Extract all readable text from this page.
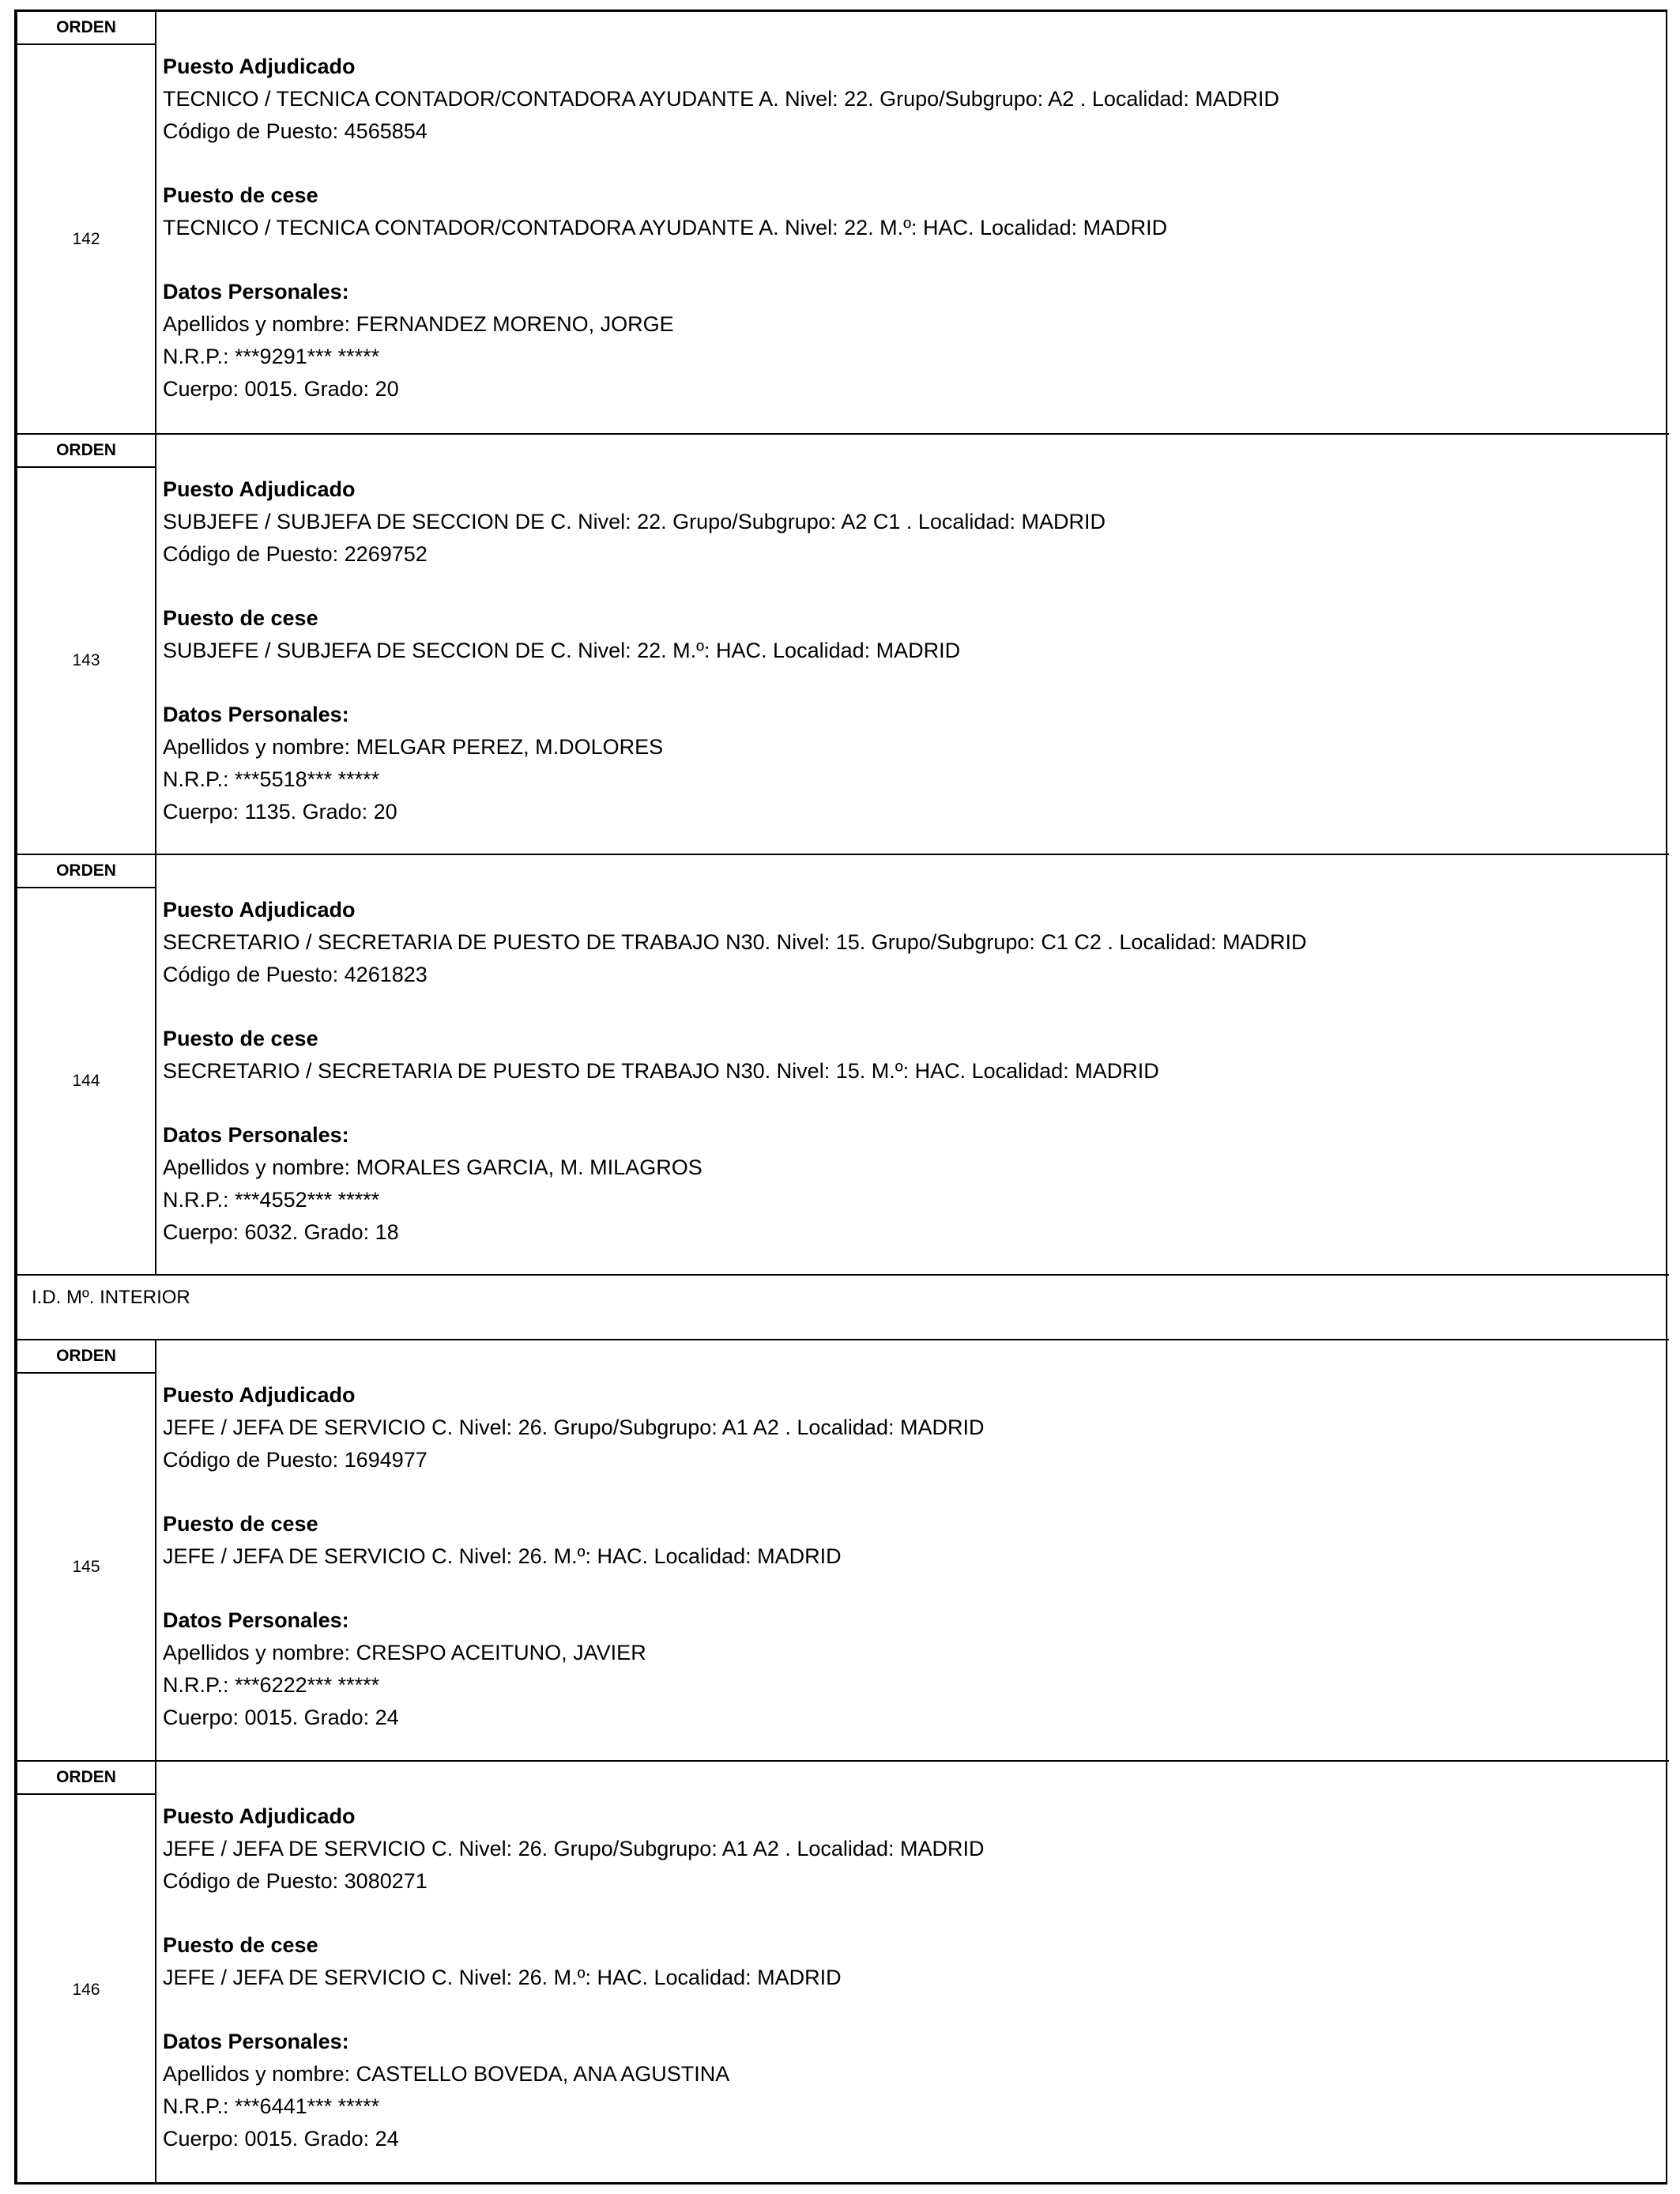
ORDEN
142
Puesto Adjudicado
TECNICO / TECNICA CONTADOR/CONTADORA AYUDANTE A. Nivel: 22. Grupo/Subgrupo: A2 . Localidad: MADRID
Código de Puesto: 4565854
Puesto de cese
TECNICO / TECNICA CONTADOR/CONTADORA AYUDANTE A. Nivel: 22. M.º: HAC. Localidad: MADRID
Datos Personales:
Apellidos y nombre: FERNANDEZ MORENO, JORGE
N.R.P.: ***9291*** *****
Cuerpo: 0015. Grado: 20
ORDEN
143
Puesto Adjudicado
SUBJEFE / SUBJEFA DE SECCION DE C. Nivel: 22. Grupo/Subgrupo: A2 C1 . Localidad: MADRID
Código de Puesto: 2269752
Puesto de cese
SUBJEFE / SUBJEFA DE SECCION DE C. Nivel: 22. M.º: HAC. Localidad: MADRID
Datos Personales:
Apellidos y nombre: MELGAR PEREZ, M.DOLORES
N.R.P.: ***5518*** *****
Cuerpo: 1135. Grado: 20
ORDEN
144
Puesto Adjudicado
SECRETARIO / SECRETARIA DE PUESTO DE TRABAJO N30. Nivel: 15. Grupo/Subgrupo: C1 C2 . Localidad: MADRID
Código de Puesto: 4261823
Puesto de cese
SECRETARIO / SECRETARIA DE PUESTO DE TRABAJO N30. Nivel: 15. M.º: HAC. Localidad: MADRID
Datos Personales:
Apellidos y nombre: MORALES GARCIA, M. MILAGROS
N.R.P.: ***4552*** *****
Cuerpo: 6032. Grado: 18
I.D. Mº. INTERIOR
ORDEN
145
Puesto Adjudicado
JEFE / JEFA DE SERVICIO C. Nivel: 26. Grupo/Subgrupo: A1 A2 . Localidad: MADRID
Código de Puesto: 1694977
Puesto de cese
JEFE / JEFA DE SERVICIO C. Nivel: 26. M.º: HAC. Localidad: MADRID
Datos Personales:
Apellidos y nombre: CRESPO ACEITUNO, JAVIER
N.R.P.: ***6222*** *****
Cuerpo: 0015. Grado: 24
ORDEN
146
Puesto Adjudicado
JEFE / JEFA DE SERVICIO C. Nivel: 26. Grupo/Subgrupo: A1 A2 . Localidad: MADRID
Código de Puesto: 3080271
Puesto de cese
JEFE / JEFA DE SERVICIO C. Nivel: 26. M.º: HAC. Localidad: MADRID
Datos Personales:
Apellidos y nombre: CASTELLO BOVEDA, ANA AGUSTINA
N.R.P.: ***6441*** *****
Cuerpo: 0015. Grado: 24
